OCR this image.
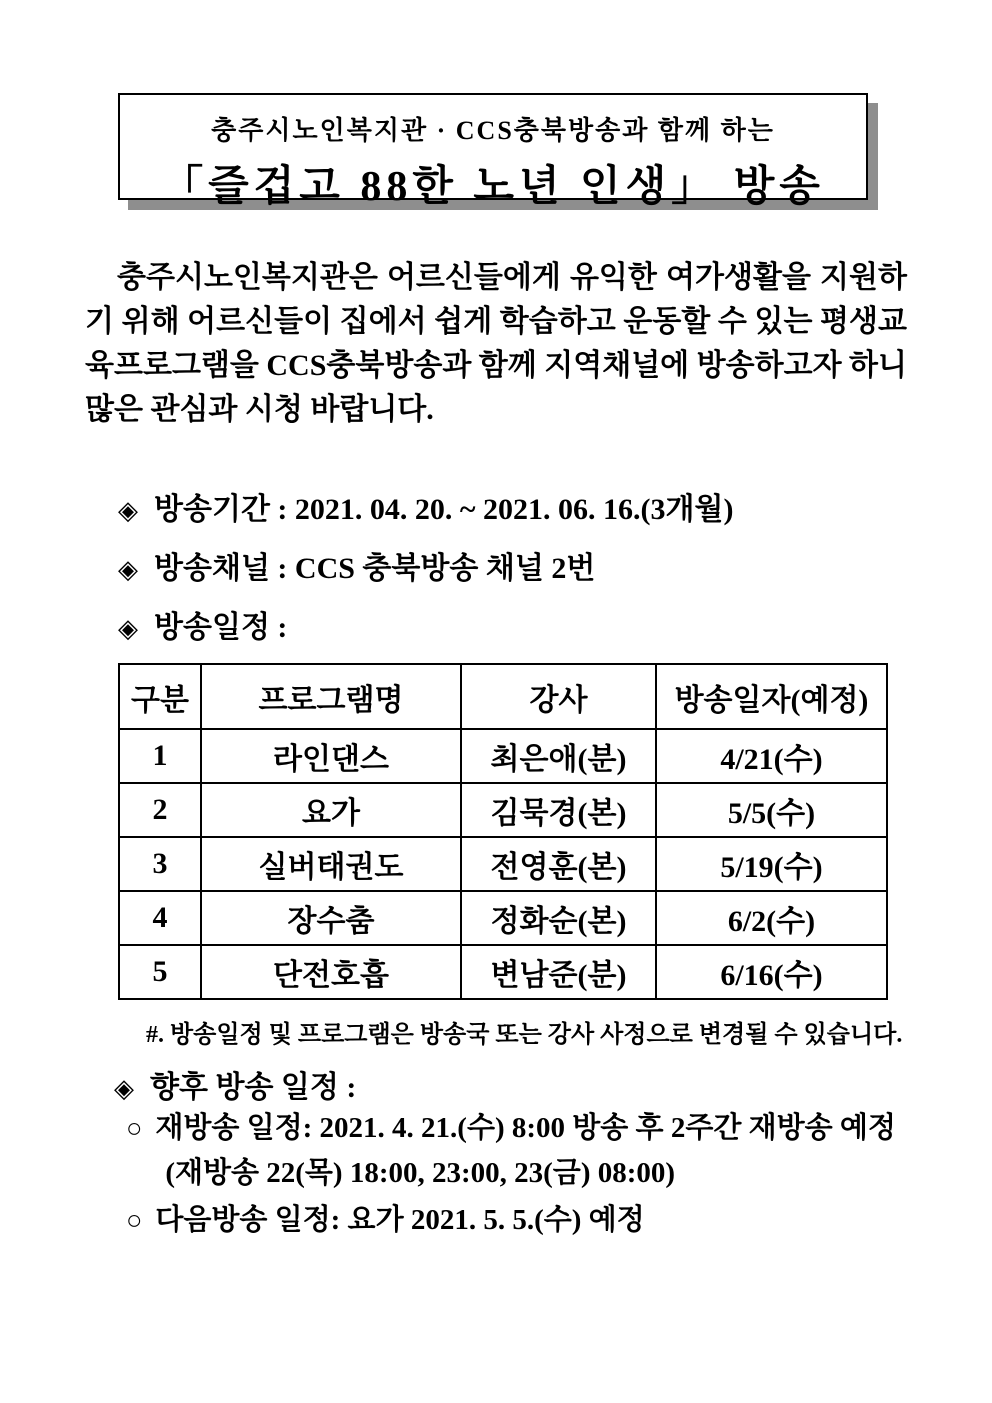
충주시노인복지관 · CCS충북방송과 함께 하는
「즐겁고 88한 노년 인생」 방송

충주시노인복지관은 어르신들에게 유익한 여가생활을 지원하기 위해 어르신들이 집에서 쉽게 학습하고 운동할 수 있는 평생교육프로그램을 CCS충북방송과 함께 지역채널에 방송하고자 하니 많은 관심과 시청 바랍니다.

◈ 방송기간 : 2021. 04. 20. ~ 2021. 06. 16.(3개월)
◈ 방송채널 : CCS 충북방송 채널 2번
◈ 방송일정 :
구분	프로그램명	강사	방송일자(예정)
1	라인댄스	최은애(분)	4/21(수)
2	요가	김묵경(본)	5/5(수)
3	실버태권도	전영훈(본)	5/19(수)
4	장수춤	정화순(본)	6/2(수)
5	단전호흡	변남준(분)	6/16(수)
#. 방송일정 및 프로그램은 방송국 또는 강사 사정으로 변경될 수 있습니다.
◈ 향후 방송 일정 :
○ 재방송 일정: 2021. 4. 21.(수) 8:00 방송 후 2주간 재방송 예정
(재방송 22(목) 18:00, 23:00, 23(금) 08:00)
○ 다음방송 일정: 요가 2021. 5. 5.(수) 예정
